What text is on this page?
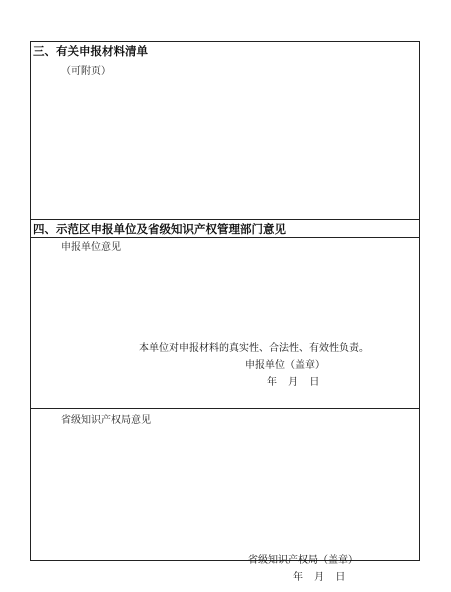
三、有关申报材料清单
（可附页）
四、示范区申报单位及省级知识产权管理部门意见
申报单位意见
本单位对申报材料的真实性、合法性、有效性负责。
申报单位（盖章）
年 月 日
省级知识产权局意见
省级知识产权局（盖章）
年 月 日
